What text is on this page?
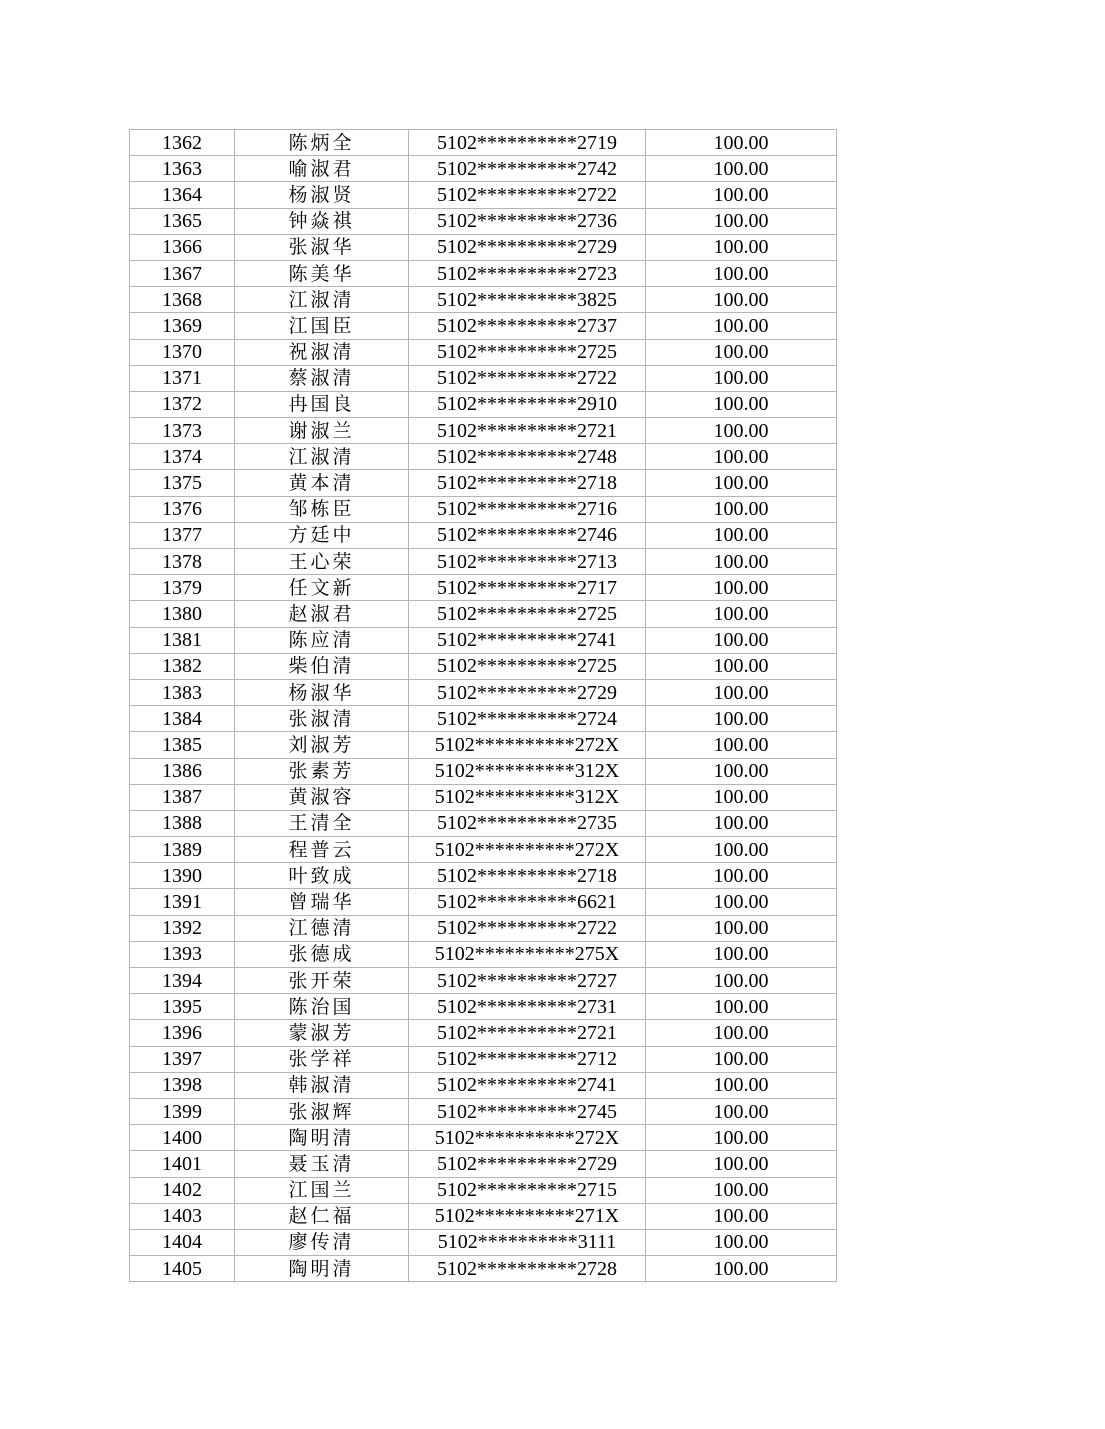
1362	陈炳全	5102**********2719	100.00
1363	喻淑君	5102**********2742	100.00
1364	杨淑贤	5102**********2722	100.00
1365	钟焱祺	5102**********2736	100.00
1366	张淑华	5102**********2729	100.00
1367	陈美华	5102**********2723	100.00
1368	江淑清	5102**********3825	100.00
1369	江国臣	5102**********2737	100.00
1370	祝淑清	5102**********2725	100.00
1371	蔡淑清	5102**********2722	100.00
1372	冉国良	5102**********2910	100.00
1373	谢淑兰	5102**********2721	100.00
1374	江淑清	5102**********2748	100.00
1375	黄本清	5102**********2718	100.00
1376	邹栋臣	5102**********2716	100.00
1377	方廷中	5102**********2746	100.00
1378	王心荣	5102**********2713	100.00
1379	任文新	5102**********2717	100.00
1380	赵淑君	5102**********2725	100.00
1381	陈应清	5102**********2741	100.00
1382	柴伯清	5102**********2725	100.00
1383	杨淑华	5102**********2729	100.00
1384	张淑清	5102**********2724	100.00
1385	刘淑芳	5102**********272X	100.00
1386	张素芳	5102**********312X	100.00
1387	黄淑容	5102**********312X	100.00
1388	王清全	5102**********2735	100.00
1389	程普云	5102**********272X	100.00
1390	叶致成	5102**********2718	100.00
1391	曾瑞华	5102**********6621	100.00
1392	江德清	5102**********2722	100.00
1393	张德成	5102**********275X	100.00
1394	张开荣	5102**********2727	100.00
1395	陈治国	5102**********2731	100.00
1396	蒙淑芳	5102**********2721	100.00
1397	张学祥	5102**********2712	100.00
1398	韩淑清	5102**********2741	100.00
1399	张淑辉	5102**********2745	100.00
1400	陶明清	5102**********272X	100.00
1401	聂玉清	5102**********2729	100.00
1402	江国兰	5102**********2715	100.00
1403	赵仁福	5102**********271X	100.00
1404	廖传清	5102**********3111	100.00
1405	陶明清	5102**********2728	100.00
